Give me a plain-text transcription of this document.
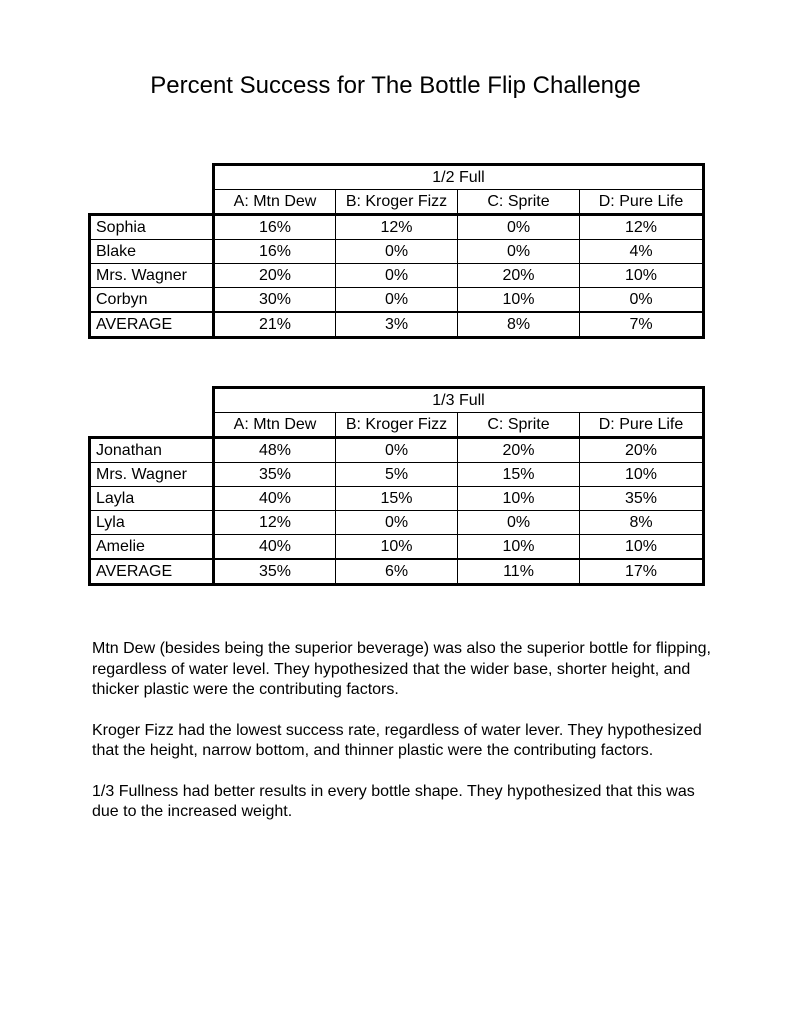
Percent Success for The Bottle Flip Challenge
	1/2 Full			
	A: Mtn Dew	B: Kroger Fizz	C: Sprite	D: Pure Life
Sophia	16%	12%	0%	12%
Blake	16%	0%	0%	4%
Mrs. Wagner	20%	0%	20%	10%
Corbyn	30%	0%	10%	0%
AVERAGE	21%	3%	8%	7%
	1/3 Full			
	A: Mtn Dew	B: Kroger Fizz	C: Sprite	D: Pure Life
Jonathan	48%	0%	20%	20%
Mrs. Wagner	35%	5%	15%	10%
Layla	40%	15%	10%	35%
Lyla	12%	0%	0%	8%
Amelie	40%	10%	10%	10%
AVERAGE	35%	6%	11%	17%

Mtn Dew (besides being the superior beverage) was also the superior bottle for flipping, regardless of water level. They hypothesized that the wider base, shorter height, and thicker plastic were the contributing factors.

Kroger Fizz had the lowest success rate, regardless of water lever. They hypothesized that the height, narrow bottom, and thinner plastic were the contributing factors.

1/3 Fullness had better results in every bottle shape. They hypothesized that this was due to the increased weight.
